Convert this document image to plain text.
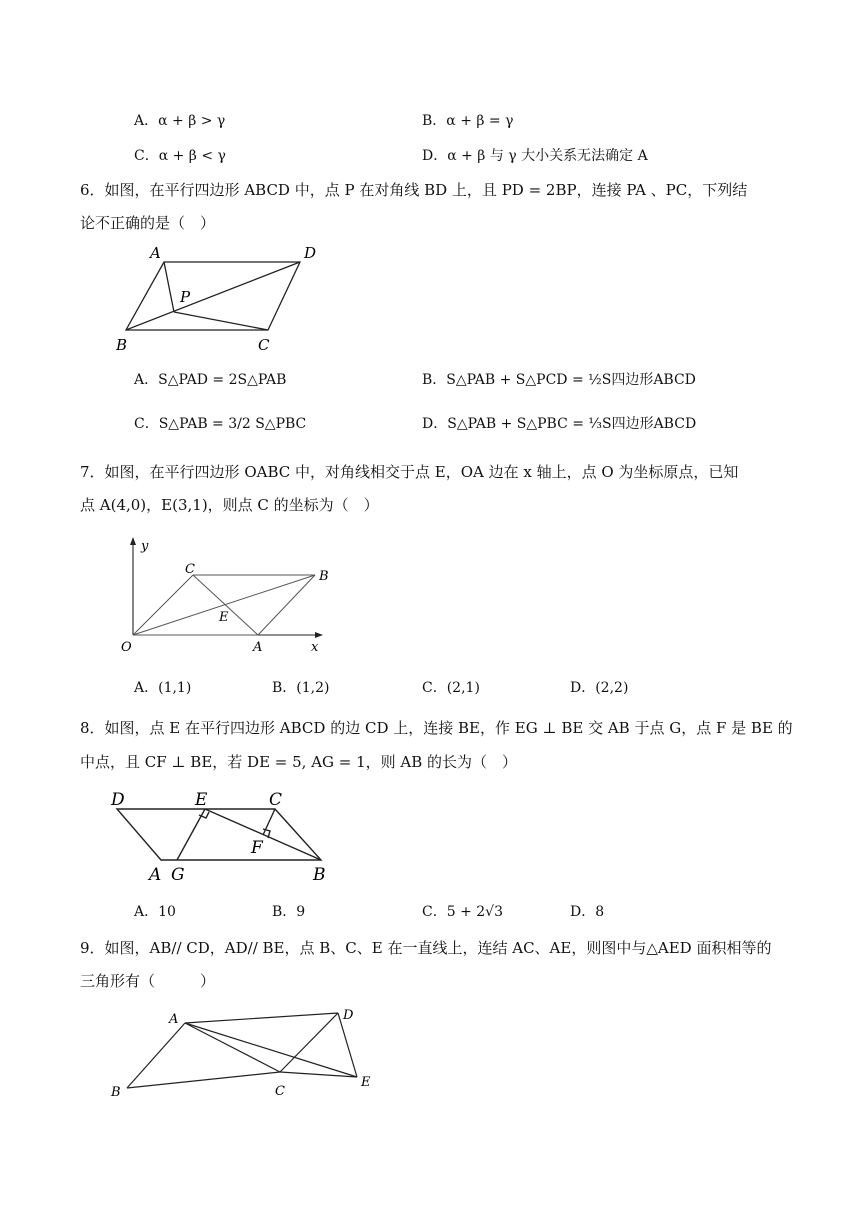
A．α + β > γ	B．α + β = γ
C．α + β < γ	D．α + β 与 γ 大小关系无法确定 A
6．如图，在平行四边形 ABCD 中，点 P 在对角线 BD 上，且 PD = 2BP，连接 PA 、PC，下列结
论不正确的是（　）
A	D
P
B	C
A．S△PAD = 2S△PAB	B．S△PAB + S△PCD = ½S四边形ABCD
C．S△PAB = 3/2 S△PBC	D．S△PAB + S△PBC = ⅓S四边形ABCD
7．如图，在平行四边形 OABC 中，对角线相交于点 E，OA 边在 x 轴上，点 O 为坐标原点，已知
点 A(4,0)，E(3,1)，则点 C 的坐标为（　）
y
x
O	A
C	B
E
A．(1,1)	B．(1,2)	C．(2,1)	D．(2,2)
8．如图，点 E 在平行四边形 ABCD 的边 CD 上，连接 BE，作 EG ⊥ BE 交 AB 于点 G，点 F 是 BE 的
中点，且 CF ⊥ BE，若 DE = 5, AG = 1，则 AB 的长为（　）
D	E	C
F
A G	B
A．10	B．9	C．5 + 2√3	D．8
9．如图，AB// CD，AD// BE，点 B、C、E 在一直线上，连结 AC、AE，则图中与△AED 面积相等的
三角形有（　　　）
A	D
B	C
E
